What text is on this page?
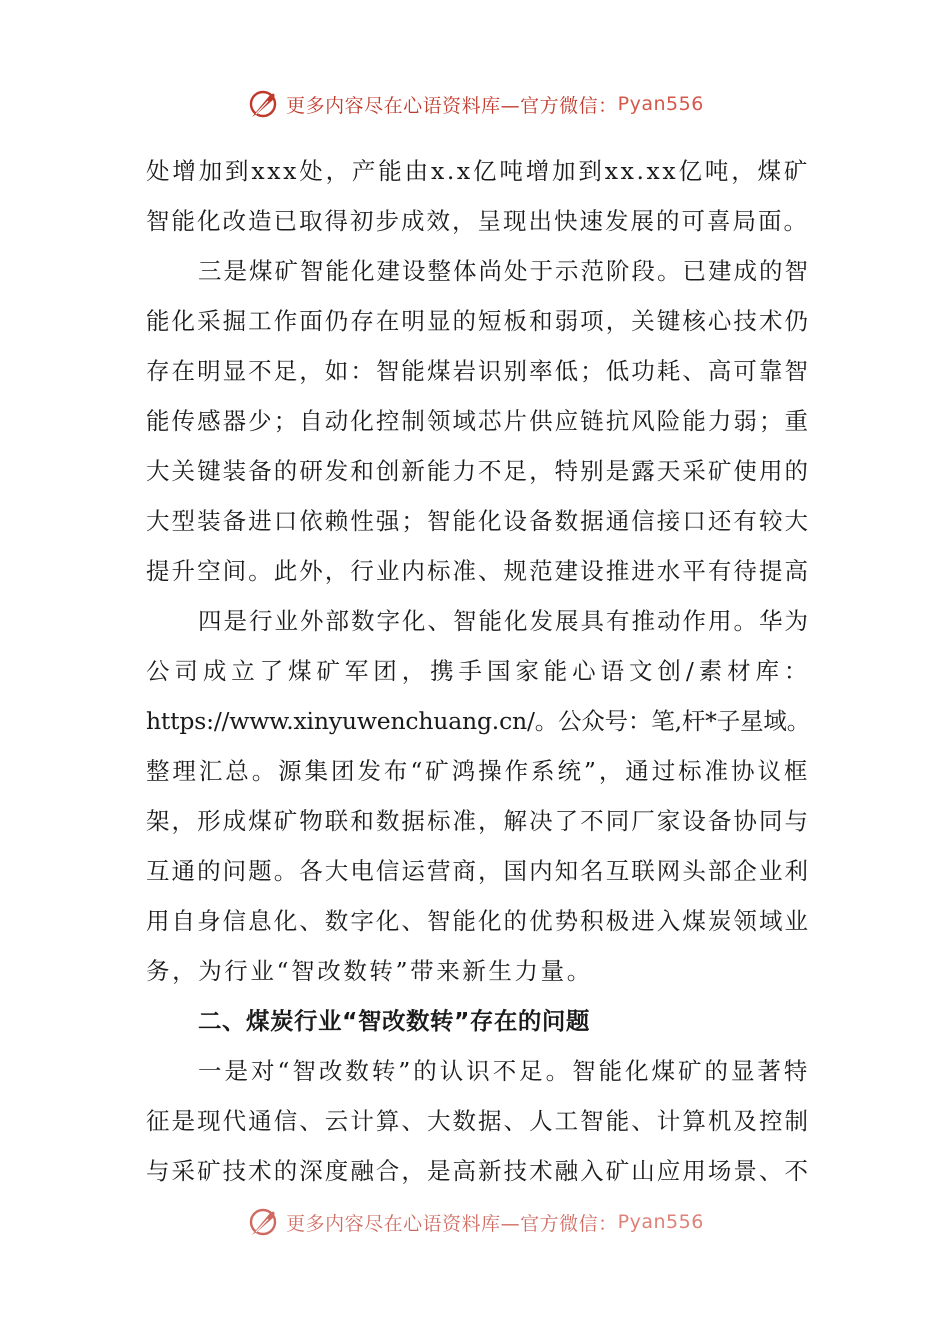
更多内容尽在心语资料库—官方微信： Pyan556
处增加到xxx处，产能由x.x亿吨增加到xx.xx亿吨，煤矿
智能化改造已取得初步成效，呈现出快速发展的可喜局面。
三是煤矿智能化建设整体尚处于示范阶段。已建成的智
能化采掘工作面仍存在明显的短板和弱项，关键核心技术仍
存在明显不足，如：智能煤岩识别率低；低功耗、高可靠智
能传感器少；自动化控制领域芯片供应链抗风险能力弱；重
大关键装备的研发和创新能力不足，特别是露天采矿使用的
大型装备进口依赖性强；智能化设备数据通信接口还有较大
提升空间。此外，行业内标准、规范建设推进水平有待提高
四是行业外部数字化、智能化发展具有推动作用。华为
公司成立了煤矿军团，携手国家能心语文创/素材库：
https://www.xinyuwenchuang.cn/。公众号：笔,杆*子星域。
整理汇总。源集团发布“矿鸿操作系统”，通过标准协议框
架，形成煤矿物联和数据标准，解决了不同厂家设备协同与
互通的问题。各大电信运营商，国内知名互联网头部企业利
用自身信息化、数字化、智能化的优势积极进入煤炭领域业
务，为行业“智改数转”带来新生力量。
二、煤炭行业“智改数转”存在的问题
一是对“智改数转”的认识不足。智能化煤矿的显著特
征是现代通信、云计算、大数据、人工智能、计算机及控制
与采矿技术的深度融合，是高新技术融入矿山应用场景、不
更多内容尽在心语资料库—官方微信： Pyan556
